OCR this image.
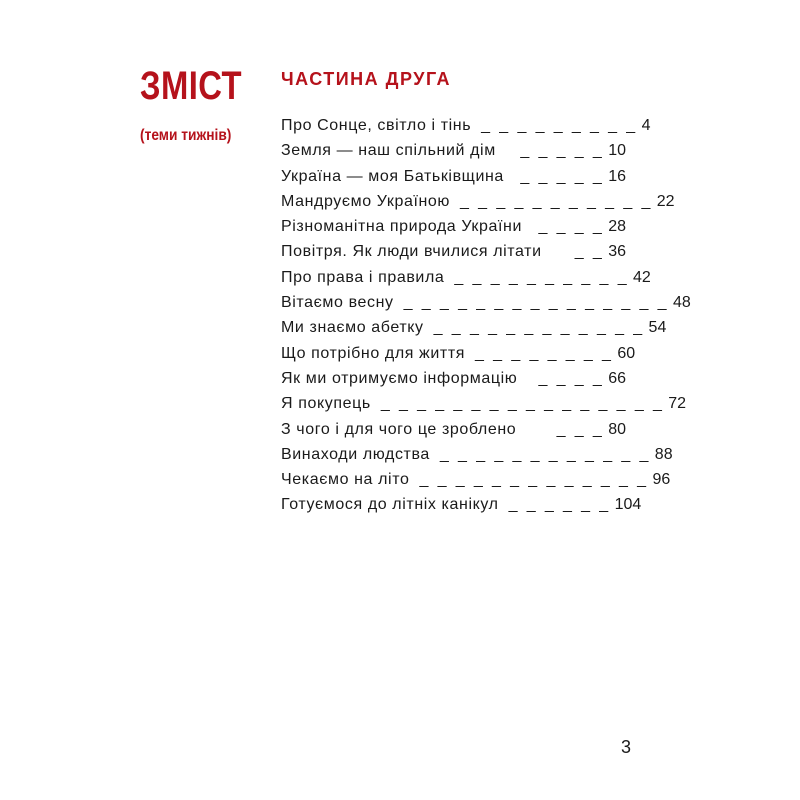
ЗМІСТ
(теми тижнів)
ЧАСТИНА ДРУГА
Про Сонце, світло і тінь _ _ _ _ _ _ _ _ _ 4
Земля — наш спільний дім	_ _ _ _ _ 10
Україна — моя Батьківщина	_ _ _ _ _ 16
Мандруємо Україною _ _ _ _ _ _ _ _ _ _ _ 22
Різноманітна природа України	_ _ _ _ 28
Повітря. Як люди вчилися літати	_ _ 36
Про права і правила _ _ _ _ _ _ _ _ _ _ 42
Вітаємо весну _ _ _ _ _ _ _ _ _ _ _ _ _ _ _ 48
Ми знаємо абетку _ _ _ _ _ _ _ _ _ _ _ _ 54
Що потрібно для життя _ _ _ _ _ _ _ _ 60
Як ми отримуємо інформацію	_ _ _ _ 66
Я покупець _ _ _ _ _ _ _ _ _ _ _ _ _ _ _ _ 72
З чого і для чого це зроблено	_ _ _ 80
Винаходи людства _ _ _ _ _ _ _ _ _ _ _ _ 88
Чекаємо на літо _ _ _ _ _ _ _ _ _ _ _ _ _ 96
Готуємося до літніх канікул _ _ _ _ _ _ 104
3
